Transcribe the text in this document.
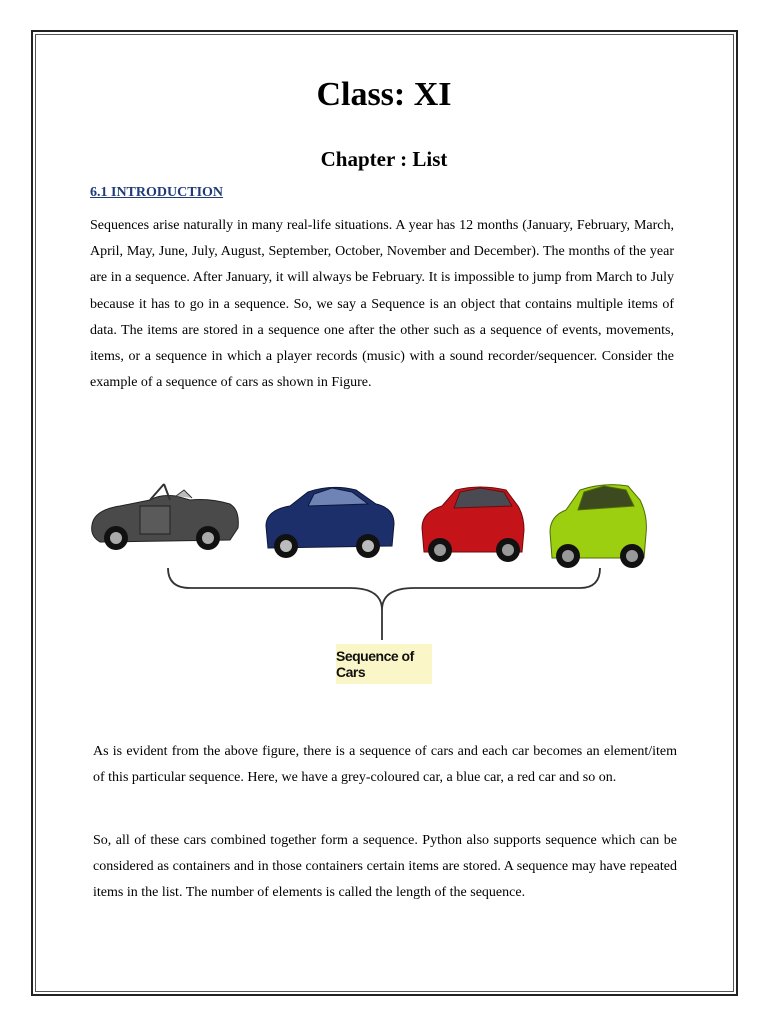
Class: XI
Chapter : List
6.1 INTRODUCTION

Sequences arise naturally in many real-life situations. A year has 12 months (January, February, March, April, May, June, July, August, September, October, November and December). The months of the year are in a sequence. After January, it will always be February. It is impossible to jump from March to July because it has to go in a sequence. So, we say a Sequence is an object that contains multiple items of data. The items are stored in a sequence one after the other such as a sequence of events, movements, items, or a sequence in which a player records (music) with a sound recorder/sequencer. Consider the example of a sequence of cars as shown in Figure.

Sequence of Cars

As is evident from the above figure, there is a sequence of cars and each car becomes an element/item of this particular sequence. Here, we have a grey-coloured car, a blue car, a red car and so on.

So, all of these cars combined together form a sequence. Python also supports sequence which can be considered as containers and in those containers certain items are stored. A sequence may have repeated items in the list. The number of elements is called the length of the sequence.
